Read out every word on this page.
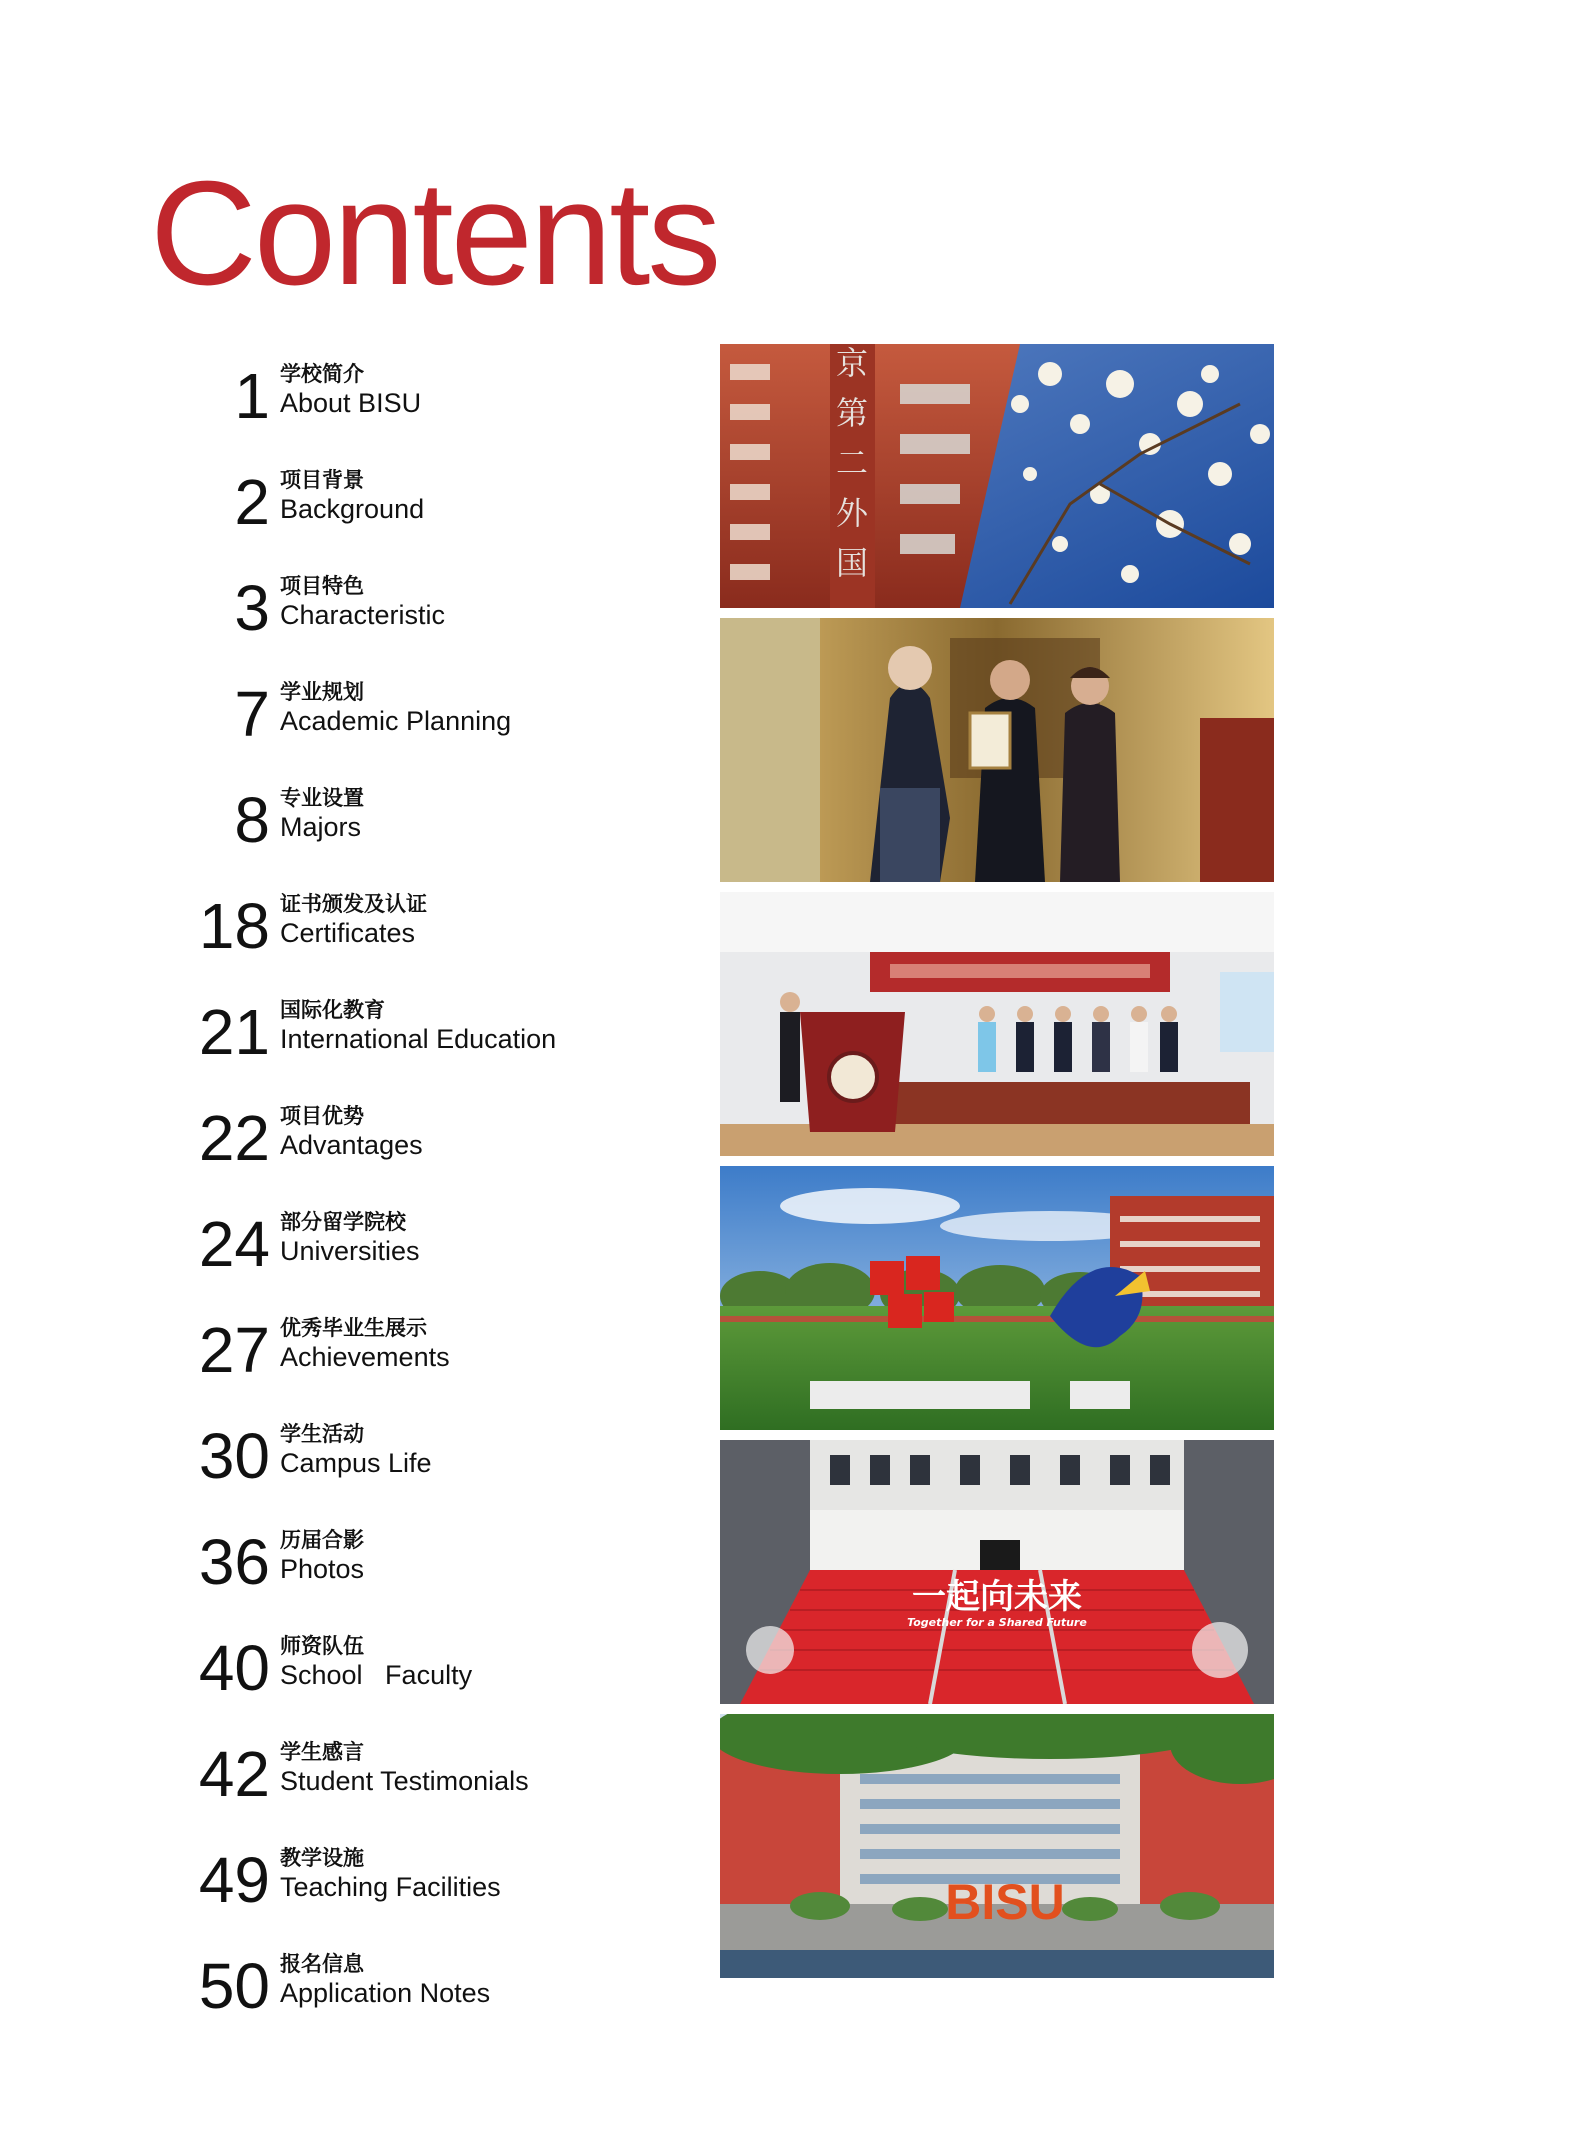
Contents
1 学校简介
About BISU
2 项目背景
Background
3 项目特色
Characteristic
7 学业规划
Academic Planning
8 专业设置
Majors
18 证书颁发及认证
Certificates
21 国际化教育
International Education
22 项目优势
Advantages
24 部分留学院校
Universities
27 优秀毕业生展示
Achievements
30 学生活动
Campus Life
36 历届合影
Photos
40 师资队伍
School   Faculty
42 学生感言
Student Testimonials
49 教学设施
Teaching Facilities
50 报名信息
Application Notes
京
第
二
外
国
一起向未来
Together for a Shared Future
BISU
